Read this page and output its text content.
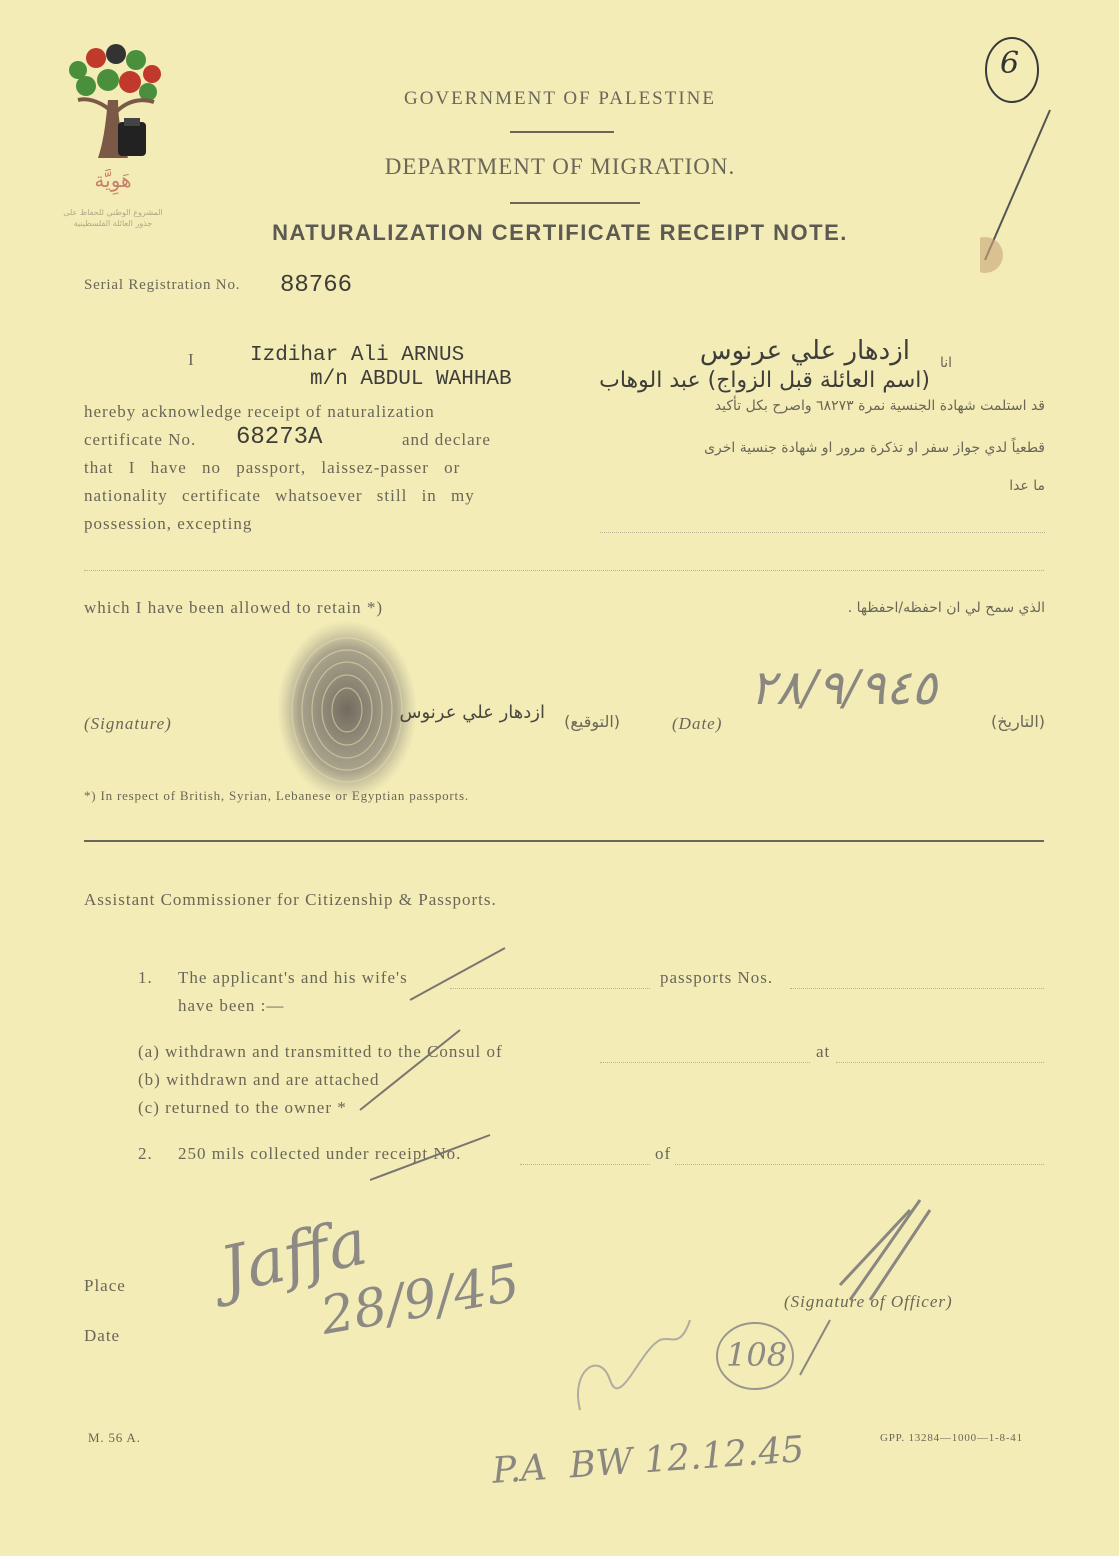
هَوِيَّة
المشروع الوطني للحفاظ على
جذور العائلة الفلسطينية
GOVERNMENT OF PALESTINE
DEPARTMENT OF MIGRATION.
NATURALIZATION CERTIFICATE RECEIPT NOTE.
6
Serial Registration No. 88766
I	Izdihar Ali ARNUS
m/n ABDUL WAHHAB
hereby acknowledge receipt of naturalization
certificate No. 68273A	and declare
that I have no passport, laissez-passer or
nationality certificate whatsoever still in my
possession, excepting
انا
ازدهار علي عرنوس
(اسم العائلة قبل الزواج) عبد الوهاب
قد استلمت شهادة الجنسية نمرة ٦٨٢٧٣ واصرح بكل تأكيد
قطعياً لدي جواز سفر او تذكرة مرور او شهادة جنسية اخرى
ما عدا
which I have been allowed to retain *)	الذي سمح لي ان احفظه/احفظها .
(Signature)
ازدهار علي عرنوس	(التوقيع)	(Date)
٢٨/٩/٩٤٥
(التاريخ)
*) In respect of British, Syrian, Lebanese or Egyptian passports.
Assistant Commissioner for Citizenship & Passports.
1. The applicant's and his wife's	passports Nos.
have been :—
(a) withdrawn and transmitted to the Consul of	at
(b) withdrawn and are attached
(c) returned to the owner *
2. 250 mils collected under receipt No.	of
Place
Date
Jaffa
28/9/45	(Signature of Officer)
108
M. 56 A.	GPP. 13284—1000—1-8-41
P.A  BW 12.12.45
